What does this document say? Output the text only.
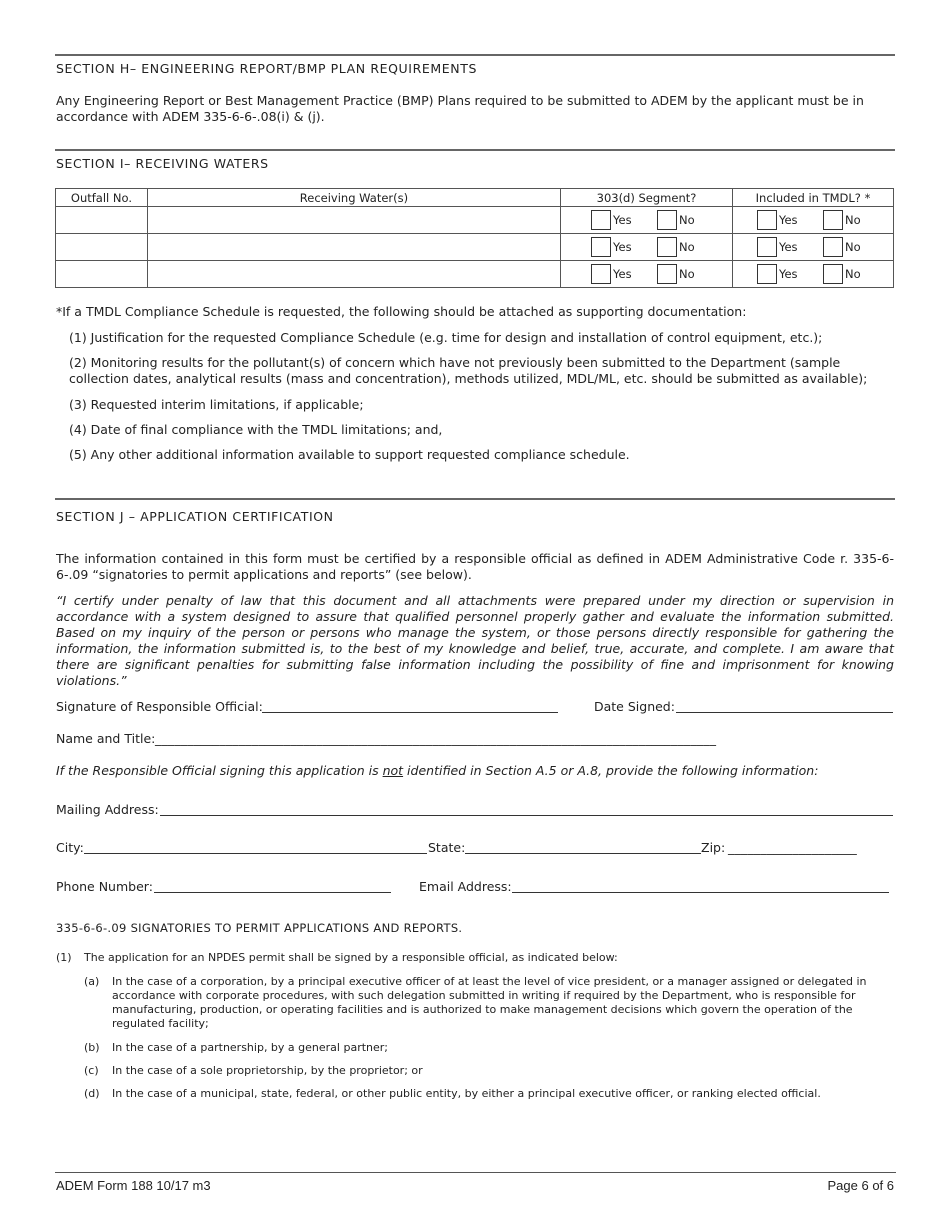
SECTION H– ENGINEERING REPORT/BMP PLAN REQUIREMENTS
Any Engineering Report or Best Management Practice (BMP) Plans required to be submitted to ADEM by the applicant must be in accordance with ADEM 335-6-6-.08(i) & (j).
SECTION I– RECEIVING WATERS
Outfall No.	Receiving Water(s)	303(d) Segment?	Included in TMDL? *

		Yes No	Yes No

		Yes No	Yes No

		Yes No	Yes No
*If a TMDL Compliance Schedule is requested, the following should be attached as supporting documentation:
(1) Justification for the requested Compliance Schedule (e.g. time for design and installation of control equipment, etc.);
(2) Monitoring results for the pollutant(s) of concern which have not previously been submitted to the Department (sample collection dates, analytical results (mass and concentration), methods utilized, MDL/ML, etc. should be submitted as available);
(3) Requested interim limitations, if applicable;
(4) Date of final compliance with the TMDL limitations; and,
(5) Any other additional information available to support requested compliance schedule.
SECTION J – APPLICATION CERTIFICATION
The information contained in this form must be certified by a responsible official as defined in ADEM Administrative Code r. 335-6-6-.09 “signatories to permit applications and reports” (see below).
“I certify under penalty of law that this document and all attachments were prepared under my direction or supervision in accordance with a system designed to assure that qualified personnel properly gather and evaluate the information submitted. Based on my inquiry of the person or persons who manage the system, or those persons directly responsible for gathering the information, the information submitted is, to the best of my knowledge and belief, true, accurate, and complete. I am aware that there are significant penalties for submitting false information including the possibility of fine and imprisonment for knowing violations.”
Signature of Responsible Official:	Date Signed:
Name and Title: _______________________________________________________________________________________
If the Responsible Official signing this application is not identified in Section A.5 or A.8, provide the following information:
Mailing Address:
City:	State:	Zip: ____________________
Phone Number:	Email Address:
335-6-6-.09 SIGNATORIES TO PERMIT APPLICATIONS AND REPORTS.
(1) The application for an NPDES permit shall be signed by a responsible official, as indicated below:
(a) In the case of a corporation, by a principal executive officer of at least the level of vice president, or a manager assigned or delegated in accordance with corporate procedures, with such delegation submitted in writing if required by the Department, who is responsible for manufacturing, production, or operating facilities and is authorized to make management decisions which govern the operation of the regulated facility;
(b) In the case of a partnership, by a general partner;
(c) In the case of a sole proprietorship, by the proprietor; or
(d) In the case of a municipal, state, federal, or other public entity, by either a principal executive officer, or ranking elected official.
ADEM Form 188 10/17 m3	Page 6 of 6
